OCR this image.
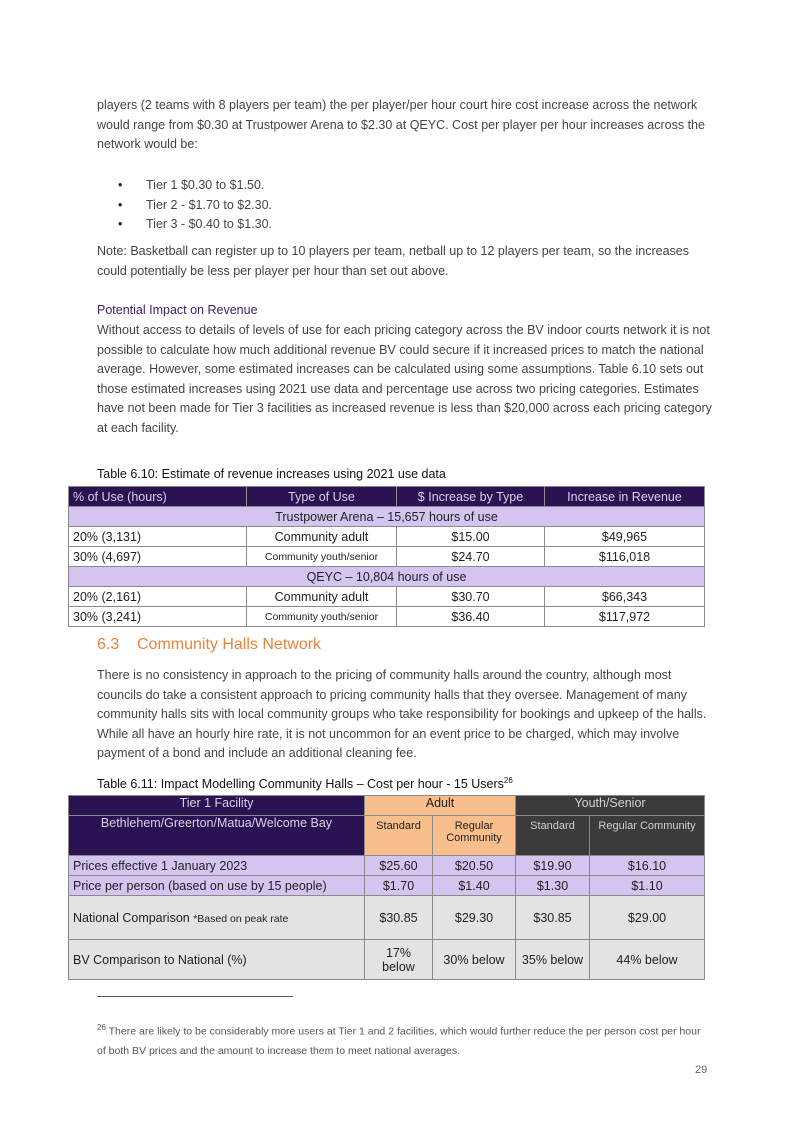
players (2 teams with 8 players per team) the per player/per hour court hire cost increase across the network would range from $0.30 at Trustpower Arena to $2.30 at QEYC. Cost per player per hour increases across the network would be:
• Tier 1 $0.30 to $1.50.
• Tier 2 - $1.70 to $2.30.
• Tier 3 - $0.40 to $1.30.
Note: Basketball can register up to 10 players per team, netball up to 12 players per team, so the increases could potentially be less per player per hour than set out above.
Potential Impact on Revenue
Without access to details of levels of use for each pricing category across the BV indoor courts network it is not possible to calculate how much additional revenue BV could secure if it increased prices to match the national average. However, some estimated increases can be calculated using some assumptions. Table 6.10 sets out those estimated increases using 2021 use data and percentage use across two pricing categories. Estimates have not been made for Tier 3 facilities as increased revenue is less than $20,000 across each pricing category at each facility.
Table 6.10: Estimate of revenue increases using 2021 use data
% of Use (hours)	Type of Use	$ Increase by Type	Increase in Revenue
Trustpower Arena – 15,657 hours of use			
20% (3,131)	Community adult	$15.00	$49,965
30% (4,697)	Community youth/senior	$24.70	$116,018
QEYC – 10,804 hours of use			
20% (2,161)	Community adult	$30.70	$66,343
30% (3,241)	Community youth/senior	$36.40	$117,972
6.3 Community Halls Network
There is no consistency in approach to the pricing of community halls around the country, although most councils do take a consistent approach to pricing community halls that they oversee. Management of many community halls sits with local community groups who take responsibility for bookings and upkeep of the halls. While all have an hourly hire rate, it is not uncommon for an event price to be charged, which may involve payment of a bond and include an additional cleaning fee.
Table 6.11: Impact Modelling Community Halls – Cost per hour - 15 Users$^{26}$
Tier 1 Facility	Adult		Youth/Senior	
Bethlehem/Greerton/Matua/Welcome Bay	Standard	Regular Community	Standard	Regular Community
Prices effective 1 January 2023	$25.60	$20.50	$19.90	$16.10
Price per person (based on use by 15 people)	$1.70	$1.40	$1.30	$1.10
National Comparison *Based on peak rate	$30.85	$29.30	$30.85	$29.00
BV Comparison to National (%)	17% below	30% below	35% below	44% below
$^{26}$ There are likely to be considerably more users at Tier 1 and 2 facilities, which would further reduce the per person cost per hour of both BV prices and the amount to increase them to meet national averages.
29
